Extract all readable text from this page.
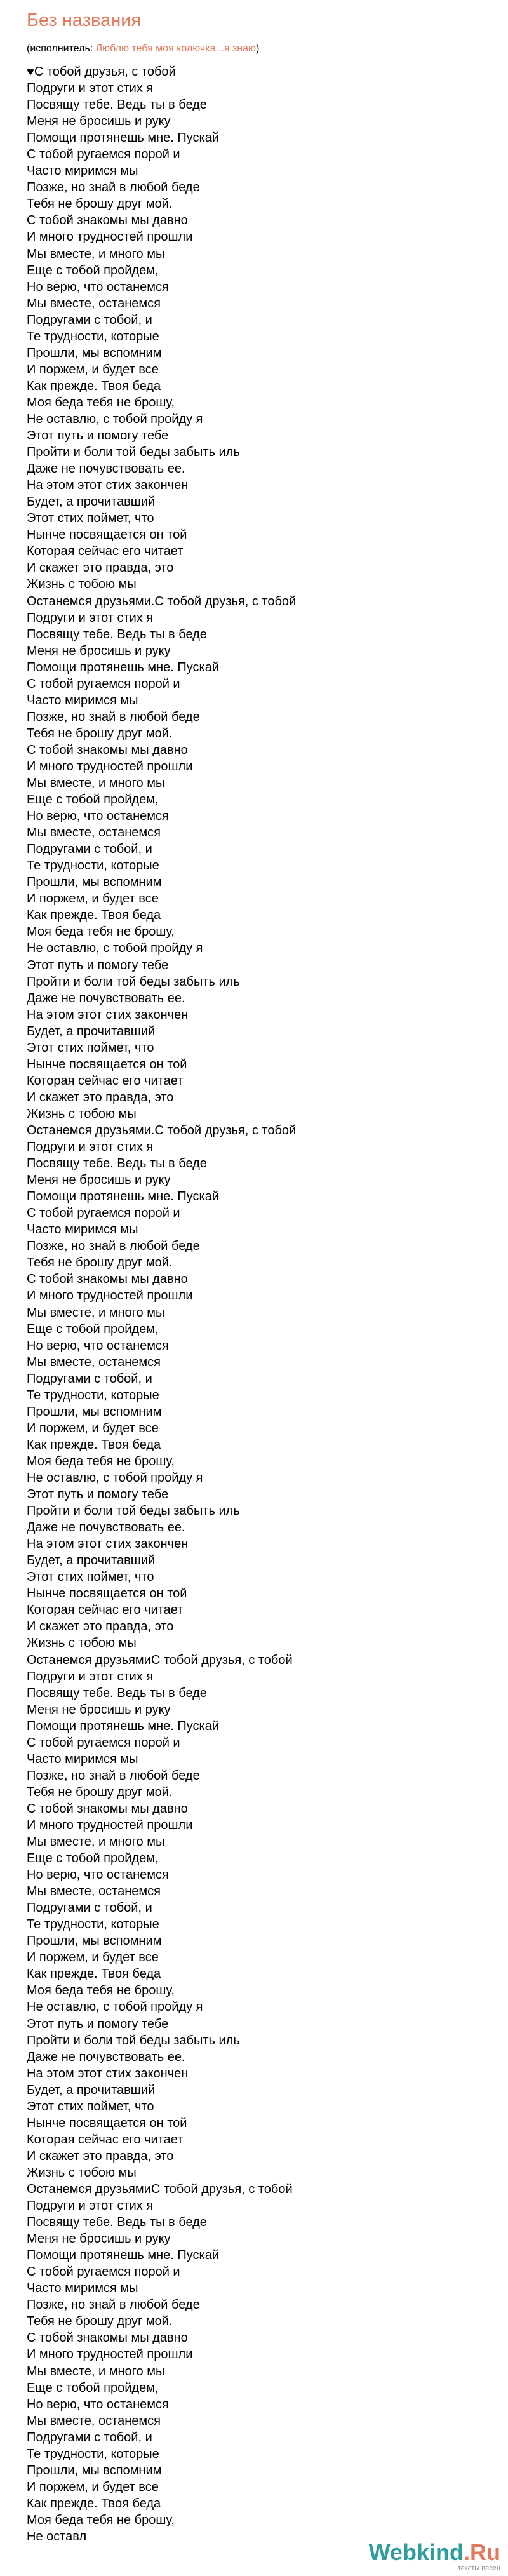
Без названия
(исполнитель: Люблю тебя моя колючка...я знаю)
♥С тобой друзья, с тобой
Подруги и этот стих я
Посвящу тебе. Ведь ты в беде
Меня не бросишь и руку
Помощи протянешь мне. Пускай
С тобой ругаемся порой и
Часто миримся мы
Позже, но знай в любой беде
Тебя не брошу друг мой.
С тобой знакомы мы давно
И много трудностей прошли
Мы вместе, и много мы
Еще с тобой пройдем,
Но верю, что останемся
Мы вместе, останемся
Подругами с тобой, и
Те трудности, которые
Прошли, мы вспомним
И поржем, и будет все
Как прежде. Твоя беда
Моя беда тебя не брошу,
Не оставлю, с тобой пройду я
Этот путь и помогу тебе
Пройти и боли той беды забыть иль
Даже не почувствовать ее.
На этом этот стих закончен
Будет, а прочитавший
Этот стих поймет, что
Нынче посвящается он той
Которая сейчас его читает
И скажет это правда, это
Жизнь с тобою мы
Останемся друзьями.С тобой друзья, с тобой
Подруги и этот стих я
Посвящу тебе. Ведь ты в беде
Меня не бросишь и руку
Помощи протянешь мне. Пускай
С тобой ругаемся порой и
Часто миримся мы
Позже, но знай в любой беде
Тебя не брошу друг мой.
С тобой знакомы мы давно
И много трудностей прошли
Мы вместе, и много мы
Еще с тобой пройдем,
Но верю, что останемся
Мы вместе, останемся
Подругами с тобой, и
Те трудности, которые
Прошли, мы вспомним
И поржем, и будет все
Как прежде. Твоя беда
Моя беда тебя не брошу,
Не оставлю, с тобой пройду я
Этот путь и помогу тебе
Пройти и боли той беды забыть иль
Даже не почувствовать ее.
На этом этот стих закончен
Будет, а прочитавший
Этот стих поймет, что
Нынче посвящается он той
Которая сейчас его читает
И скажет это правда, это
Жизнь с тобою мы
Останемся друзьями.С тобой друзья, с тобой
Подруги и этот стих я
Посвящу тебе. Ведь ты в беде
Меня не бросишь и руку
Помощи протянешь мне. Пускай
С тобой ругаемся порой и
Часто миримся мы
Позже, но знай в любой беде
Тебя не брошу друг мой.
С тобой знакомы мы давно
И много трудностей прошли
Мы вместе, и много мы
Еще с тобой пройдем,
Но верю, что останемся
Мы вместе, останемся
Подругами с тобой, и
Те трудности, которые
Прошли, мы вспомним
И поржем, и будет все
Как прежде. Твоя беда
Моя беда тебя не брошу,
Не оставлю, с тобой пройду я
Этот путь и помогу тебе
Пройти и боли той беды забыть иль
Даже не почувствовать ее.
На этом этот стих закончен
Будет, а прочитавший
Этот стих поймет, что
Нынче посвящается он той
Которая сейчас его читает
И скажет это правда, это
Жизнь с тобою мы
Останемся друзьямиС тобой друзья, с тобой
Подруги и этот стих я
Посвящу тебе. Ведь ты в беде
Меня не бросишь и руку
Помощи протянешь мне. Пускай
С тобой ругаемся порой и
Часто миримся мы
Позже, но знай в любой беде
Тебя не брошу друг мой.
С тобой знакомы мы давно
И много трудностей прошли
Мы вместе, и много мы
Еще с тобой пройдем,
Но верю, что останемся
Мы вместе, останемся
Подругами с тобой, и
Те трудности, которые
Прошли, мы вспомним
И поржем, и будет все
Как прежде. Твоя беда
Моя беда тебя не брошу,
Не оставлю, с тобой пройду я
Этот путь и помогу тебе
Пройти и боли той беды забыть иль
Даже не почувствовать ее.
На этом этот стих закончен
Будет, а прочитавший
Этот стих поймет, что
Нынче посвящается он той
Которая сейчас его читает
И скажет это правда, это
Жизнь с тобою мы
Останемся друзьямиС тобой друзья, с тобой
Подруги и этот стих я
Посвящу тебе. Ведь ты в беде
Меня не бросишь и руку
Помощи протянешь мне. Пускай
С тобой ругаемся порой и
Часто миримся мы
Позже, но знай в любой беде
Тебя не брошу друг мой.
С тобой знакомы мы давно
И много трудностей прошли
Мы вместе, и много мы
Еще с тобой пройдем,
Но верю, что останемся
Мы вместе, останемся
Подругами с тобой, и
Те трудности, которые
Прошли, мы вспомним
И поржем, и будет все
Как прежде. Твоя беда
Моя беда тебя не брошу,
Не оставл
Webkind.Ru
тексты песен
